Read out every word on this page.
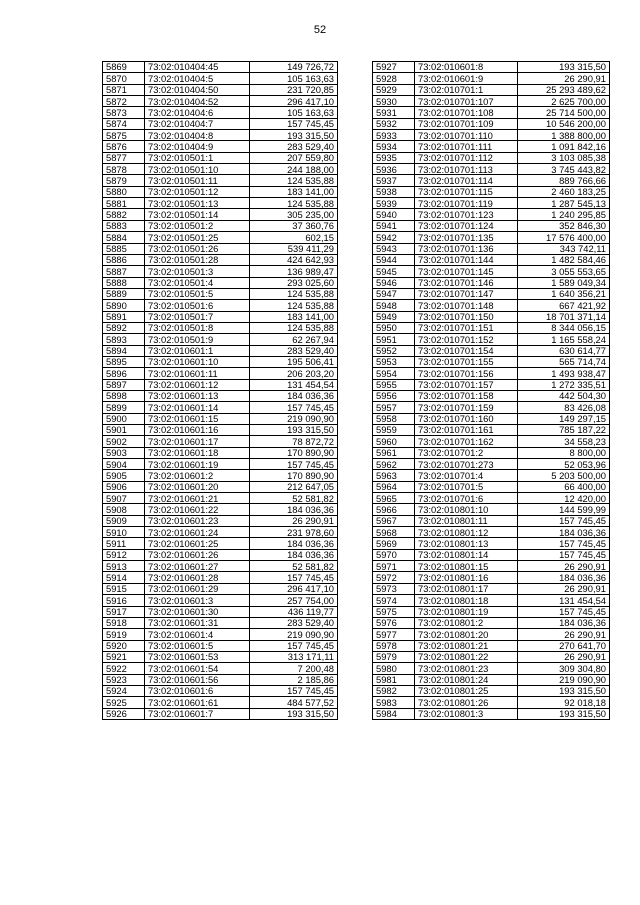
52
5869	73:02:010404:45	149 726,72
5870	73:02:010404:5	105 163,63
5871	73:02:010404:50	231 720,85
5872	73:02:010404:52	296 417,10
5873	73:02:010404:6	105 163,63
5874	73:02:010404:7	157 745,45
5875	73:02:010404:8	193 315,50
5876	73:02:010404:9	283 529,40
5877	73:02:010501:1	207 559,80
5878	73:02:010501:10	244 188,00
5879	73:02:010501:11	124 535,88
5880	73:02:010501:12	183 141,00
5881	73:02:010501:13	124 535,88
5882	73:02:010501:14	305 235,00
5883	73:02:010501:2	37 360,76
5884	73:02:010501:25	602,15
5885	73:02:010501:26	539 411,29
5886	73:02:010501:28	424 642,93
5887	73:02:010501:3	136 989,47
5888	73:02:010501:4	293 025,60
5889	73:02:010501:5	124 535,88
5890	73:02:010501:6	124 535,88
5891	73:02:010501:7	183 141,00
5892	73:02:010501:8	124 535,88
5893	73:02:010501:9	62 267,94
5894	73:02:010601:1	283 529,40
5895	73:02:010601:10	195 506,41
5896	73:02:010601:11	206 203,20
5897	73:02:010601:12	131 454,54
5898	73:02:010601:13	184 036,36
5899	73:02:010601:14	157 745,45
5900	73:02:010601:15	219 090,90
5901	73:02:010601:16	193 315,50
5902	73:02:010601:17	78 872,72
5903	73:02:010601:18	170 890,90
5904	73:02:010601:19	157 745,45
5905	73:02:010601:2	170 890,90
5906	73:02:010601:20	212 647,05
5907	73:02:010601:21	52 581,82
5908	73:02:010601:22	184 036,36
5909	73:02:010601:23	26 290,91
5910	73:02:010601:24	231 978,60
5911	73:02:010601:25	184 036,36
5912	73:02:010601:26	184 036,36
5913	73:02:010601:27	52 581,82
5914	73:02:010601:28	157 745,45
5915	73:02:010601:29	296 417,10
5916	73:02:010601:3	257 754,00
5917	73:02:010601:30	436 119,77
5918	73:02:010601:31	283 529,40
5919	73:02:010601:4	219 090,90
5920	73:02:010601:5	157 745,45
5921	73:02:010601:53	313 171,11
5922	73:02:010601:54	7 200,48
5923	73:02:010601:56	2 185,86
5924	73:02:010601:6	157 745,45
5925	73:02:010601:61	484 577,52
5926	73:02:010601:7	193 315,50
5927	73:02:010601:8	193 315,50
5928	73:02:010601:9	26 290,91
5929	73:02:010701:1	25 293 489,62
5930	73:02:010701:107	2 625 700,00
5931	73:02:010701:108	25 714 500,00
5932	73:02:010701:109	10 546 200,00
5933	73:02:010701:110	1 388 800,00
5934	73:02:010701:111	1 091 842,16
5935	73:02:010701:112	3 103 085,38
5936	73:02:010701:113	3 745 443,82
5937	73:02:010701:114	889 766,66
5938	73:02:010701:115	2 460 183,25
5939	73:02:010701:119	1 287 545,13
5940	73:02:010701:123	1 240 295,85
5941	73:02:010701:124	352 846,30
5942	73:02:010701:135	17 576 400,00
5943	73:02:010701:136	343 742,11
5944	73:02:010701:144	1 482 584,46
5945	73:02:010701:145	3 055 553,65
5946	73:02:010701:146	1 589 049,34
5947	73:02:010701:147	1 640 356,21
5948	73:02:010701:148	667 421,92
5949	73:02:010701:150	18 701 371,14
5950	73:02:010701:151	8 344 056,15
5951	73:02:010701:152	1 165 558,24
5952	73:02:010701:154	630 614,77
5953	73:02:010701:155	565 714,74
5954	73:02:010701:156	1 493 938,47
5955	73:02:010701:157	1 272 335,51
5956	73:02:010701:158	442 504,30
5957	73:02:010701:159	83 426,08
5958	73:02:010701:160	149 297,15
5959	73:02:010701:161	785 187,22
5960	73:02:010701:162	34 558,23
5961	73:02:010701:2	8 800,00
5962	73:02:010701:273	52 053,96
5963	73:02:010701:4	5 203 500,00
5964	73:02:010701:5	66 400,00
5965	73:02:010701:6	12 420,00
5966	73:02:010801:10	144 599,99
5967	73:02:010801:11	157 745,45
5968	73:02:010801:12	184 036,36
5969	73:02:010801:13	157 745,45
5970	73:02:010801:14	157 745,45
5971	73:02:010801:15	26 290,91
5972	73:02:010801:16	184 036,36
5973	73:02:010801:17	26 290,91
5974	73:02:010801:18	131 454,54
5975	73:02:010801:19	157 745,45
5976	73:02:010801:2	184 036,36
5977	73:02:010801:20	26 290,91
5978	73:02:010801:21	270 641,70
5979	73:02:010801:22	26 290,91
5980	73:02:010801:23	309 304,80
5981	73:02:010801:24	219 090,90
5982	73:02:010801:25	193 315,50
5983	73:02:010801:26	92 018,18
5984	73:02:010801:3	193 315,50
